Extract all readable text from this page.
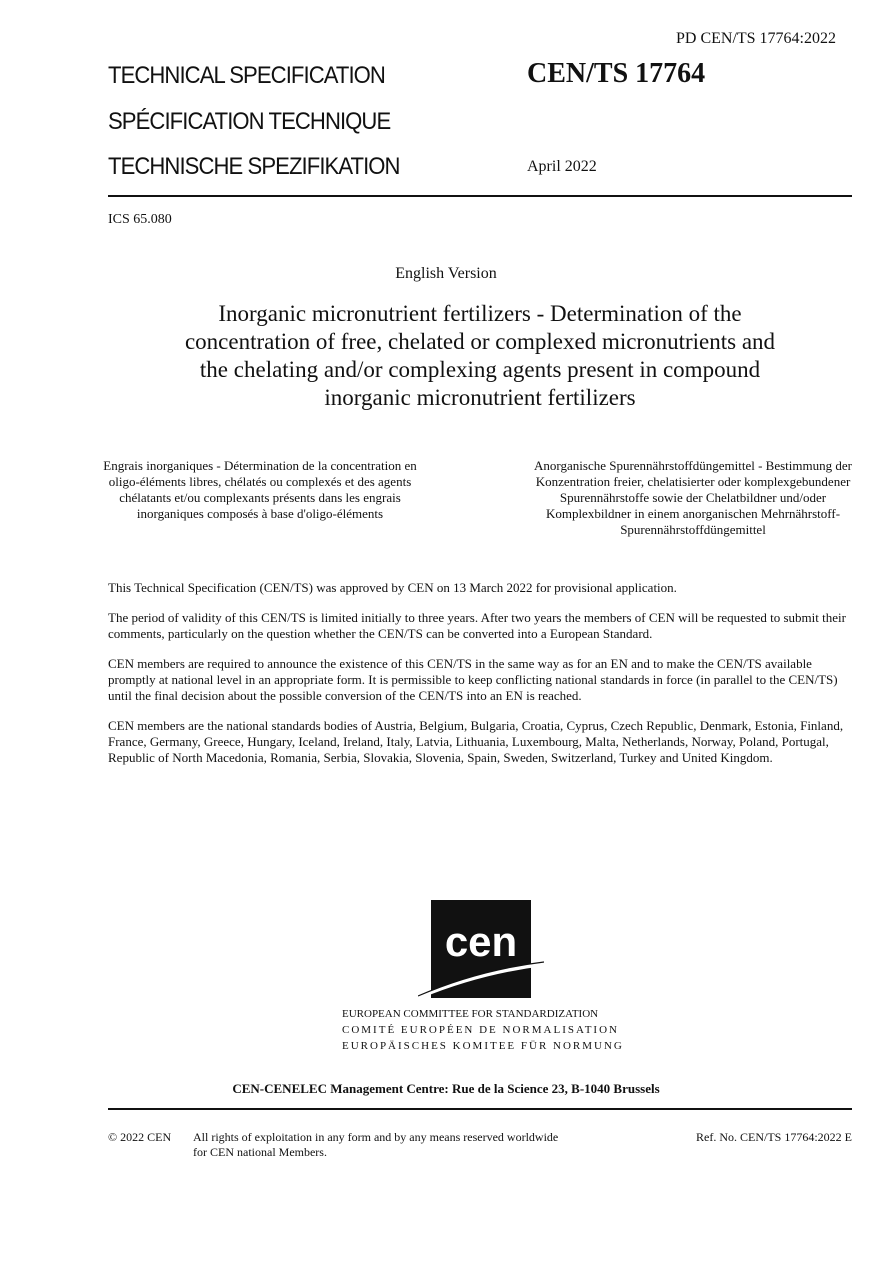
PD CEN/TS 17764:2022
TECHNICAL SPECIFICATION
SPÉCIFICATION TECHNIQUE
TECHNISCHE SPEZIFIKATION
CEN/TS 17764
April 2022
ICS 65.080
English Version
Inorganic micronutrient fertilizers - Determination of the concentration of free, chelated or complexed micronutrients and the chelating and/or complexing agents present in compound inorganic micronutrient fertilizers
Engrais inorganiques - Détermination de la concentration en oligo-éléments libres, chélatés ou complexés et des agents chélatants et/ou complexants présents dans les engrais inorganiques composés à base d'oligo-éléments
Anorganische Spurennährstoffdüngemittel - Bestimmung der Konzentration freier, chelatisierter oder komplexgebundener Spurennährstoffe sowie der Chelatbildner und/oder Komplexbildner in einem anorganischen Mehrnährstoff-Spurennährstoffdüngemittel

This Technical Specification (CEN/TS) was approved by CEN on 13 March 2022 for provisional application.

The period of validity of this CEN/TS is limited initially to three years. After two years the members of CEN will be requested to submit their comments, particularly on the question whether the CEN/TS can be converted into a European Standard.

CEN members are required to announce the existence of this CEN/TS in the same way as for an EN and to make the CEN/TS available promptly at national level in an appropriate form. It is permissible to keep conflicting national standards in force (in parallel to the CEN/TS) until the final decision about the possible conversion of the CEN/TS into an EN is reached.

CEN members are the national standards bodies of Austria, Belgium, Bulgaria, Croatia, Cyprus, Czech Republic, Denmark, Estonia, Finland, France, Germany, Greece, Hungary, Iceland, Ireland, Italy, Latvia, Lithuania, Luxembourg, Malta, Netherlands, Norway, Poland, Portugal, Republic of North Macedonia, Romania, Serbia, Slovakia, Slovenia, Spain, Sweden, Switzerland, Turkey and United Kingdom.

cen
EUROPEAN COMMITTEE FOR STANDARDIZATION
COMITÉ EUROPÉEN DE NORMALISATION
EUROPÄISCHES KOMITEE FÜR NORMUNG
CEN-CENELEC Management Centre: Rue de la Science 23, B-1040 Brussels
© 2022 CEN All rights of exploitation in any form and by any means reserved worldwide for CEN national Members.
Ref. No. CEN/TS 17764:2022 E
